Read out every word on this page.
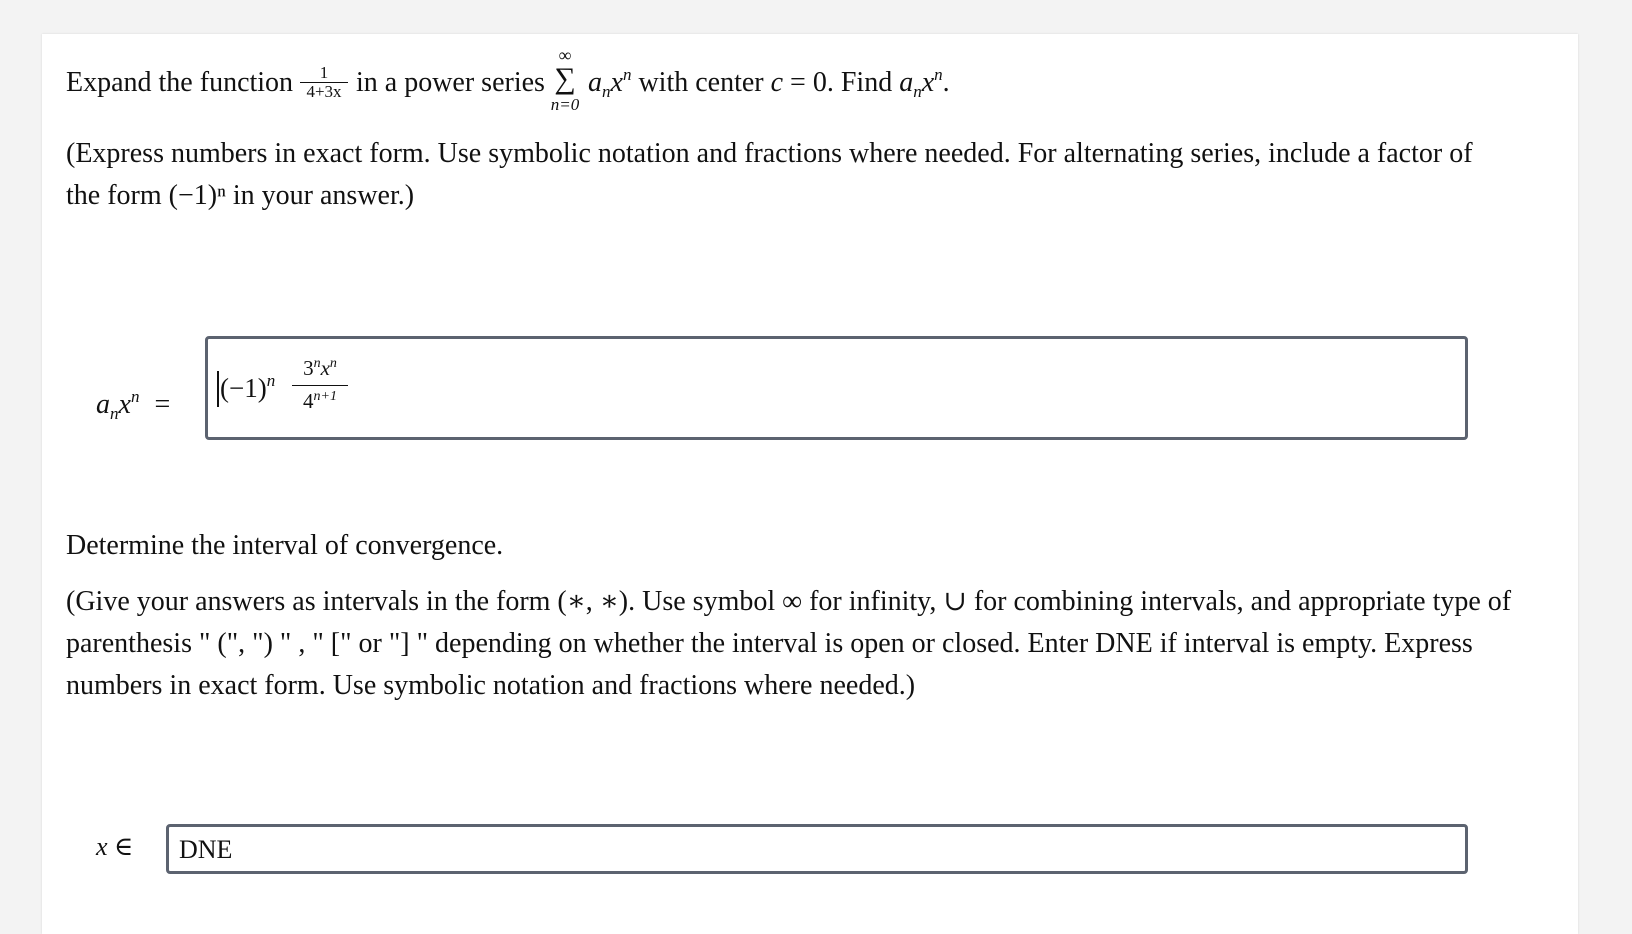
Expand the function	1
4+3x in a power series
∞
∑
n=0
$a_nx^n$ with center c = 0. Find $a_nx^n$.
(Express numbers in exact form. Use symbolic notation and fractions where needed. For alternating series, include a factor of the form (−1)ⁿ in your answer.)
$a_nx^n$ =
$(-1)^n$
$3^nx^n$
$4^{n+1}$
Determine the interval of convergence.
(Give your answers as intervals in the form (∗, ∗). Use symbol ∞ for infinity, ∪ for combining intervals, and appropriate type of parenthesis " (", ") " , " [" or "] " depending on whether the interval is open or closed. Enter DNE if interval is empty. Express numbers in exact form. Use symbolic notation and fractions where needed.)
x ∈ DNE
